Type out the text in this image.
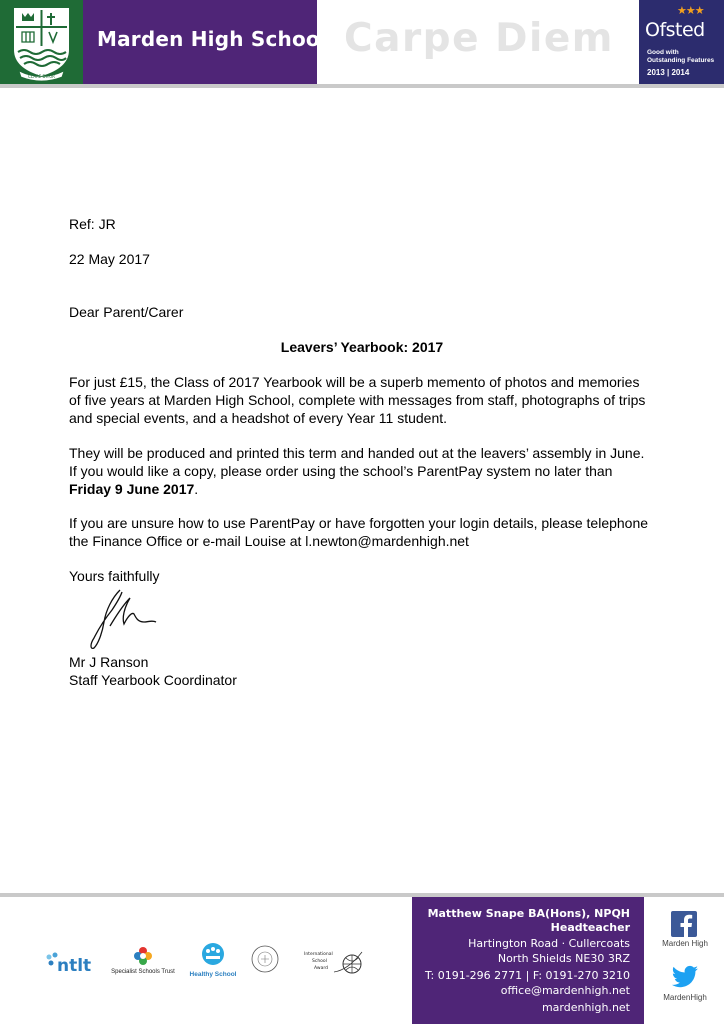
CLARE DITUR
Marden High School Carpe Diem
★★★
Ofsted
Good with
Outstanding Features
2013 | 2014
Ref: JR
22 May 2017
Dear Parent/Carer
Leavers’ Yearbook: 2017
For just £15, the Class of 2017 Yearbook will be a superb memento of photos and memories
of five years at Marden High School, complete with messages from staff, photographs of trips
and special events, and a headshot of every Year 11 student.
They will be produced and printed this term and handed out at the leavers’ assembly in June.
If you would like a copy, please order using the school’s ParentPay system no later than
Friday 9 June 2017.
If you are unsure how to use ParentPay or have forgotten your login details, please telephone
the Finance Office or e-mail Louise at l.newton@mardenhigh.net
Yours faithfully
Mr J Ranson
Staff Yearbook Coordinator
ntlt	Specialist Schools Trust	Healthy School
International
School
Award
Matthew Snape BA(Hons), NPQH
Headteacher
Hartington Road · Cullercoats
North Shields NE30 3RZ
T: 0191-296 2771 | F: 0191-270 3210
office@mardenhigh.net
mardenhigh.net
Marden High
MardenHigh
